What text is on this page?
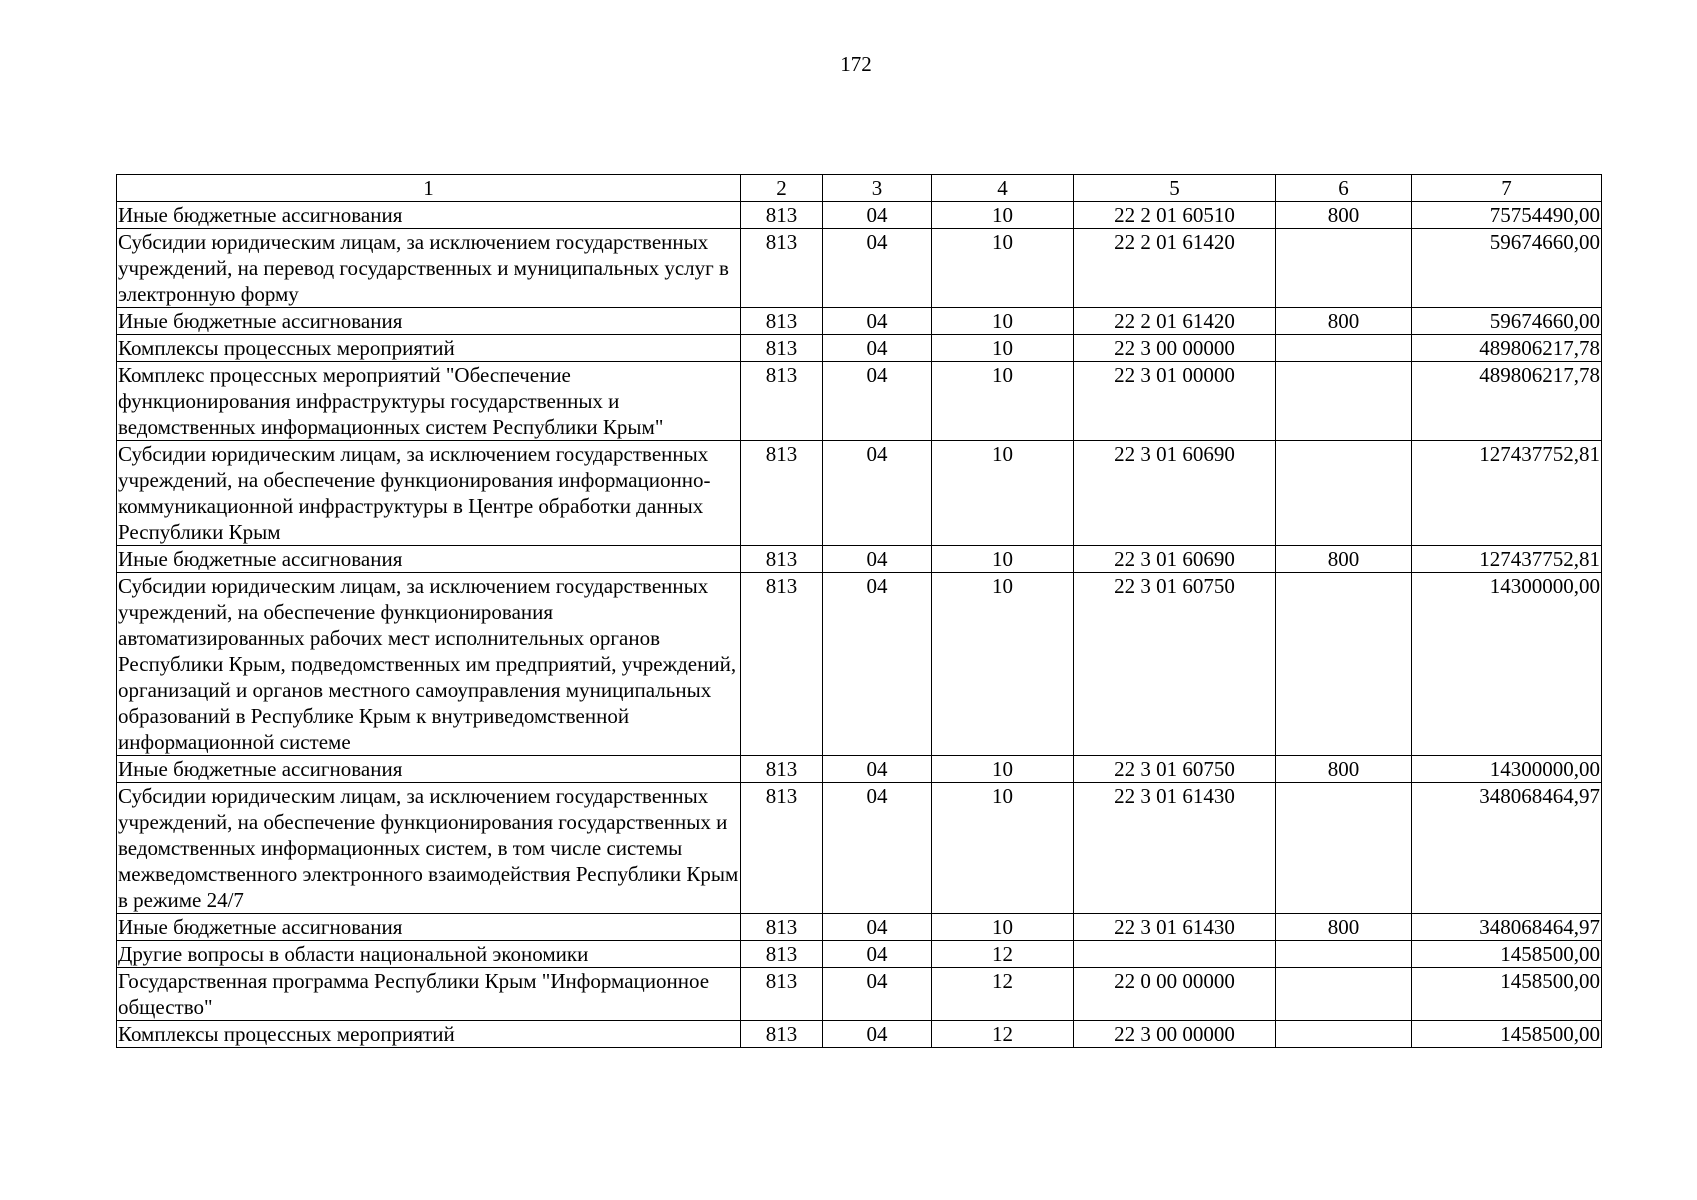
172
1	2	3	4	5	6	7
Иные бюджетные ассигнования	813	04	10	22 2 01 60510	800	75754490,00
Субсидии юридическим лицам, за исключением государственных учреждений, на перевод государственных и муниципальных услуг в электронную форму	813	04	10	22 2 01 61420		59674660,00
Иные бюджетные ассигнования	813	04	10	22 2 01 61420	800	59674660,00
Комплексы процессных мероприятий	813	04	10	22 3 00 00000		489806217,78
Комплекс процессных мероприятий "Обеспечение функционирования инфраструктуры государственных и ведомственных информационных систем Республики Крым"	813	04	10	22 3 01 00000		489806217,78
Субсидии юридическим лицам, за исключением государственных учреждений, на обеспечение функционирования информационно-коммуникационной инфраструктуры в Центре обработки данных Республики Крым	813	04	10	22 3 01 60690		127437752,81
Иные бюджетные ассигнования	813	04	10	22 3 01 60690	800	127437752,81
Субсидии юридическим лицам, за исключением государственных учреждений, на обеспечение функционирования автоматизированных рабочих мест исполнительных органов Республики Крым, подведомственных им предприятий, учреждений, организаций и органов местного самоуправления муниципальных образований в Республике Крым к внутриведомственной информационной системе	813	04	10	22 3 01 60750		14300000,00
Иные бюджетные ассигнования	813	04	10	22 3 01 60750	800	14300000,00
Субсидии юридическим лицам, за исключением государственных учреждений, на обеспечение функционирования государственных и ведомственных информационных систем, в том числе системы межведомственного электронного взаимодействия Республики Крым в режиме 24/7	813	04	10	22 3 01 61430		348068464,97
Иные бюджетные ассигнования	813	04	10	22 3 01 61430	800	348068464,97
Другие вопросы в области национальной экономики	813	04	12			1458500,00
Государственная программа Республики Крым "Информационное общество"	813	04	12	22 0 00 00000		1458500,00
Комплексы процессных мероприятий	813	04	12	22 3 00 00000		1458500,00
